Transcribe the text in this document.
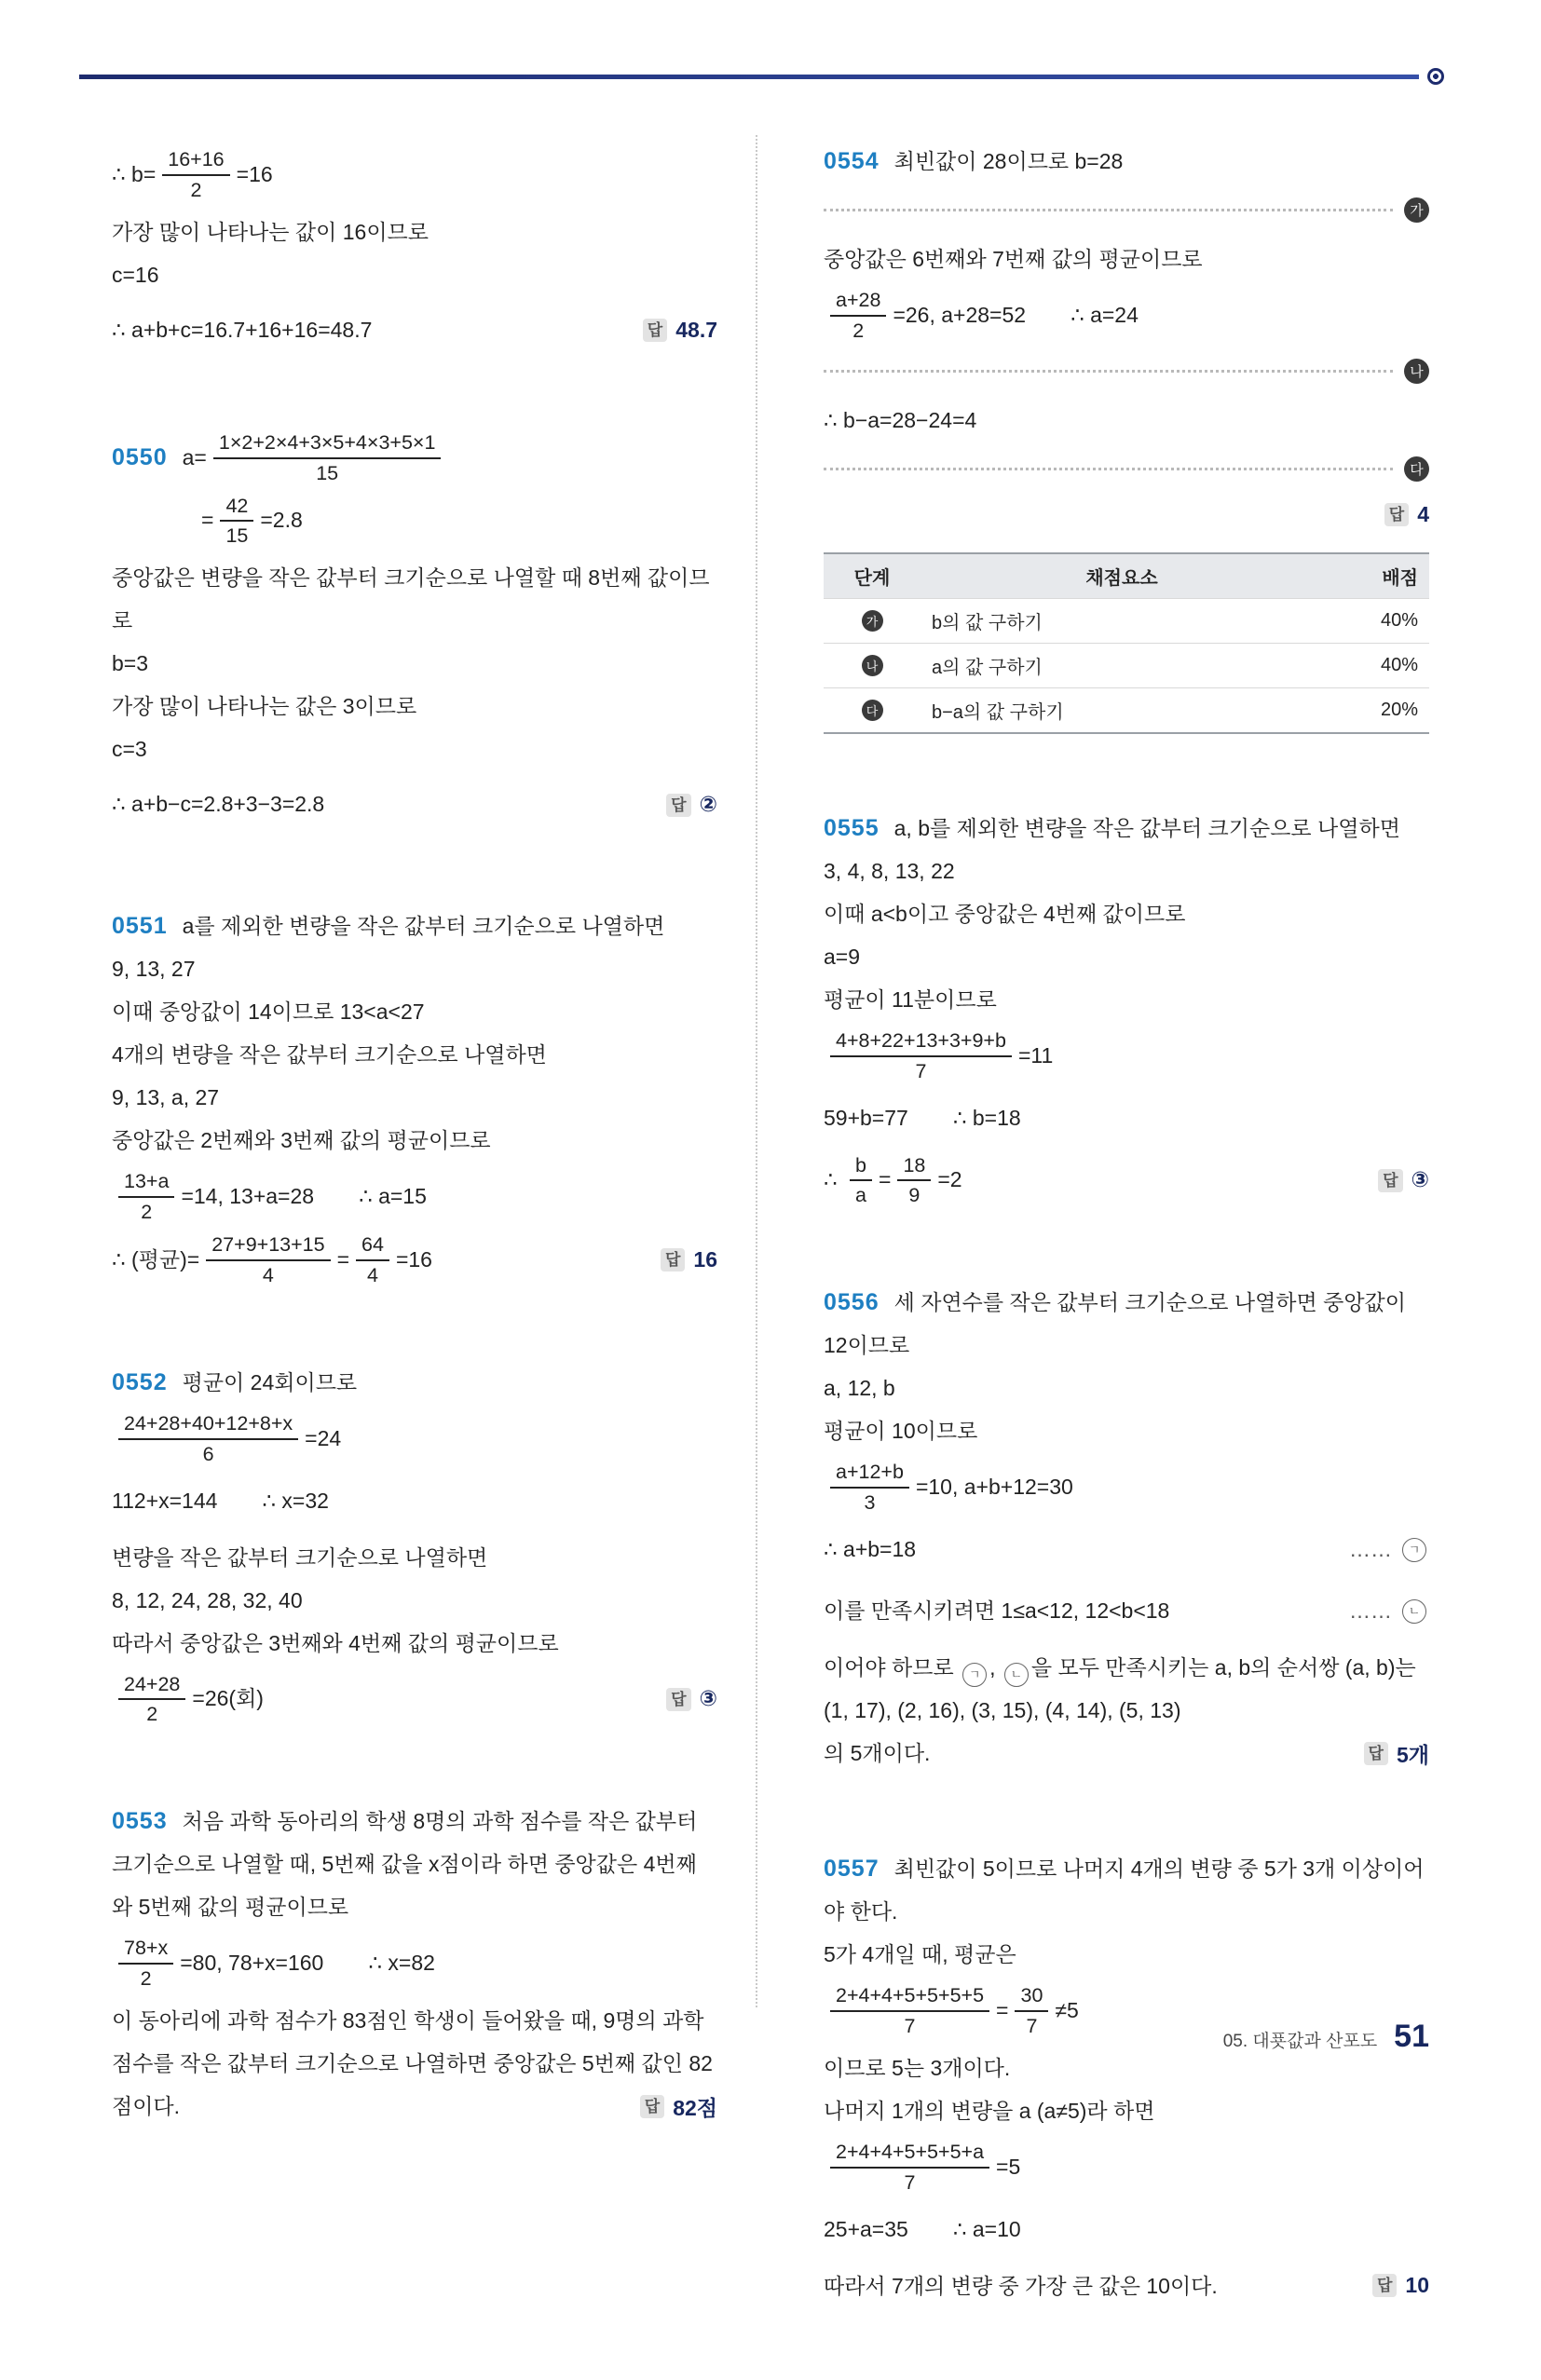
∴ $b= \frac{16+16}{2} =16$
가장 많이 나타나는 값이 16이므로
c=16
∴ a+b+c=16.7+16+16=48.7	답 48.7
0550 $a= \frac{1\times 2+2\times 4+3\times 5+4\times 3+5\times 1}{15}$
= $\frac{42}{15} =2.8$
중앙값은 변량을 작은 값부터 크기순으로 나열할 때 8번째 값이므로
b=3
가장 많이 나타나는 값은 3이므로
c=3
∴ a+b−c=2.8+3−3=2.8	답 ②
0551 a를 제외한 변량을 작은 값부터 크기순으로 나열하면
9, 13, 27
이때 중앙값이 14이므로 13<a<27
4개의 변량을 작은 값부터 크기순으로 나열하면
9, 13, a, 27
중앙값은 2번째와 3번째 값의 평균이므로
$\frac{13+a}{2} =14$, 13+a=28 ∴ a=15
∴ (평균)= $\frac{27+9+13+15}{4} = \frac{64}{4} =16$	답 16
0552 평균이 24회이므로
$\frac{24+28+40+12+8+x}{6} =24$
112+x=144 ∴ x=32
변량을 작은 값부터 크기순으로 나열하면
8, 12, 24, 28, 32, 40
따라서 중앙값은 3번째와 4번째 값의 평균이므로
$\frac{24+28}{2} =26$(회)	답 ③
0553 처음 과학 동아리의 학생 8명의 과학 점수를 작은 값부터 크기순으로 나열할 때, 5번째 값을 x점이라 하면 중앙값은 4번째와 5번째 값의 평균이므로
$\frac{78+x}{2} =80$, 78+x=160 ∴ x=82
이 동아리에 과학 점수가 83점인 학생이 들어왔을 때, 9명의 과학 점수를 작은 값부터 크기순으로 나열하면 중앙값은 5번째 값인 82점이다.	답 82점
0554 최빈값이 28이므로 b=28
가
중앙값은 6번째와 7번째 값의 평균이므로
$\frac{a+28}{2} =26$, a+28=52 ∴ a=24
나
∴ b−a=28−24=4
다
답 4
단계	채점요소	배점
가	b의 값 구하기	40%
나	a의 값 구하기	40%
다	b−a의 값 구하기	20%
0555 a, b를 제외한 변량을 작은 값부터 크기순으로 나열하면
3, 4, 8, 13, 22
이때 a<b이고 중앙값은 4번째 값이므로
a=9
평균이 11분이므로
$\frac{4+8+22+13+3+9+b}{7} =11$
59+b=77 ∴ b=18
∴ $\frac{b}{a} = \frac{18}{9} =2$	답 ③
0556 세 자연수를 작은 값부터 크기순으로 나열하면 중앙값이 12이므로
a, 12, b
평균이 10이므로
$\frac{a+12+b}{3} =10$, a+b+12=30
∴ a+b=18	……	ㄱ
이를 만족시키려면 1≤a<12, 12<b<18	……	ㄴ
이어야 하므로 ㄱ , ㄴ 을 모두 만족시키는 a, b의 순서쌍 (a, b)는
(1, 17), (2, 16), (3, 15), (4, 14), (5, 13)
의 5개이다.	답 5개
0557 최빈값이 5이므로 나머지 4개의 변량 중 5가 3개 이상이어야 한다.
5가 4개일 때, 평균은
$\frac{2+4+4+5+5+5+5}{7} = \frac{30}{7} \ne 5$
이므로 5는 3개이다.
나머지 1개의 변량을 a (a≠5)라 하면
$\frac{2+4+4+5+5+5+a}{7} =5$
25+a=35 ∴ a=10
따라서 7개의 변량 중 가장 큰 값은 10이다.	답 10
05. 대푯값과 산포도 51
